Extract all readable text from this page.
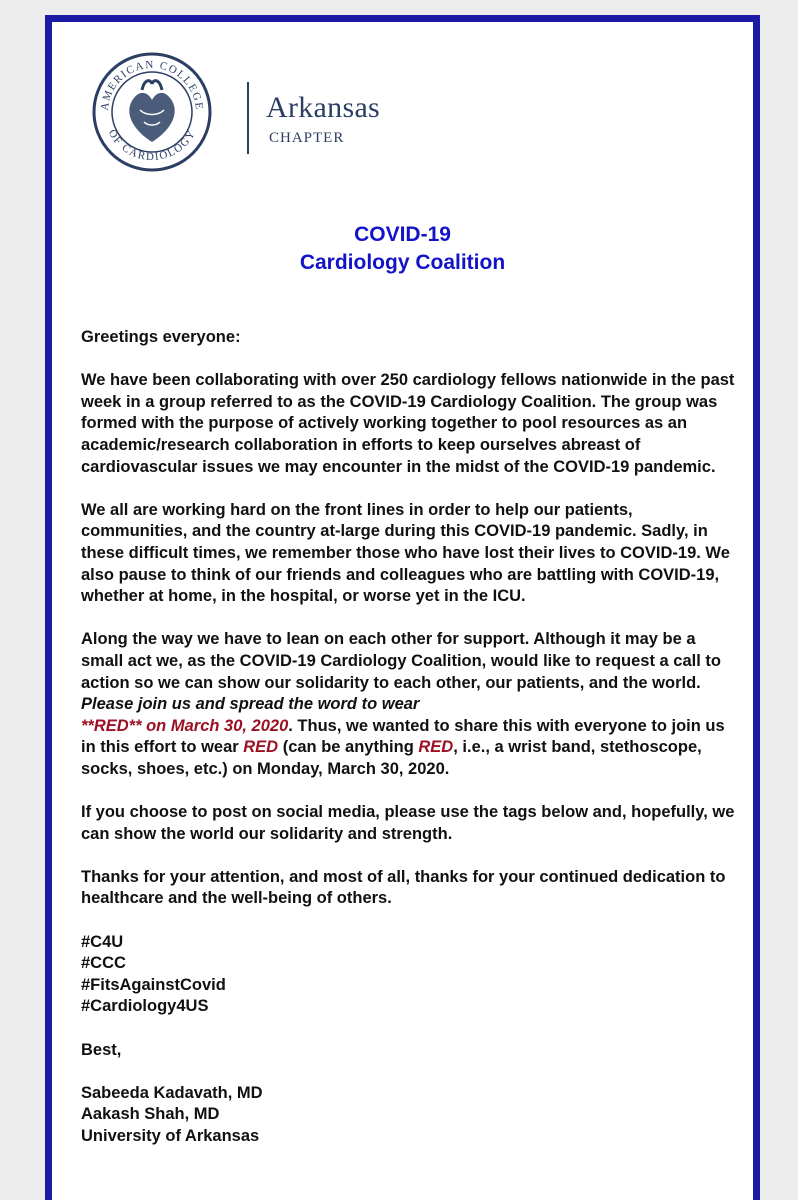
AMERICAN COLLEGE
OF CARDIOLOGY
Arkansas
CHAPTER
COVID-19
Cardiology Coalition

Greetings everyone:

We have been collaborating with over 250 cardiology fellows nationwide in the past week in a group referred to as the COVID-19 Cardiology Coalition. The group was formed with the purpose of actively working together to pool resources as an academic/research collaboration in efforts to keep ourselves abreast of cardiovascular issues we may encounter in the midst of the COVID-19 pandemic.

We all are working hard on the front lines in order to help our patients, communities, and the country at-large during this COVID-19 pandemic. Sadly, in these difficult times, we remember those who have lost their lives to COVID-19. We also pause to think of our friends and colleagues who are battling with COVID-19, whether at home, in the hospital, or worse yet in the ICU.

Along the way we have to lean on each other for support. Although it may be a small act we, as the COVID-19 Cardiology Coalition, would like to request a call to action so we can show our solidarity to each other, our patients, and the world. Please join us and spread the word to wear
**RED** on March 30, 2020. Thus, we wanted to share this with everyone to join us in this effort to wear RED (can be anything RED, i.e., a wrist band, stethoscope, socks, shoes, etc.) on Monday, March 30, 2020.

If you choose to post on social media, please use the tags below and, hopefully, we can show the world our solidarity and strength.

Thanks for your attention, and most of all, thanks for your continued dedication to healthcare and the well-being of others.

#C4U
#CCC
#FitsAgainstCovid
#Cardiology4US

Best,

Sabeeda Kadavath, MD
Aakash Shah, MD
University of Arkansas
